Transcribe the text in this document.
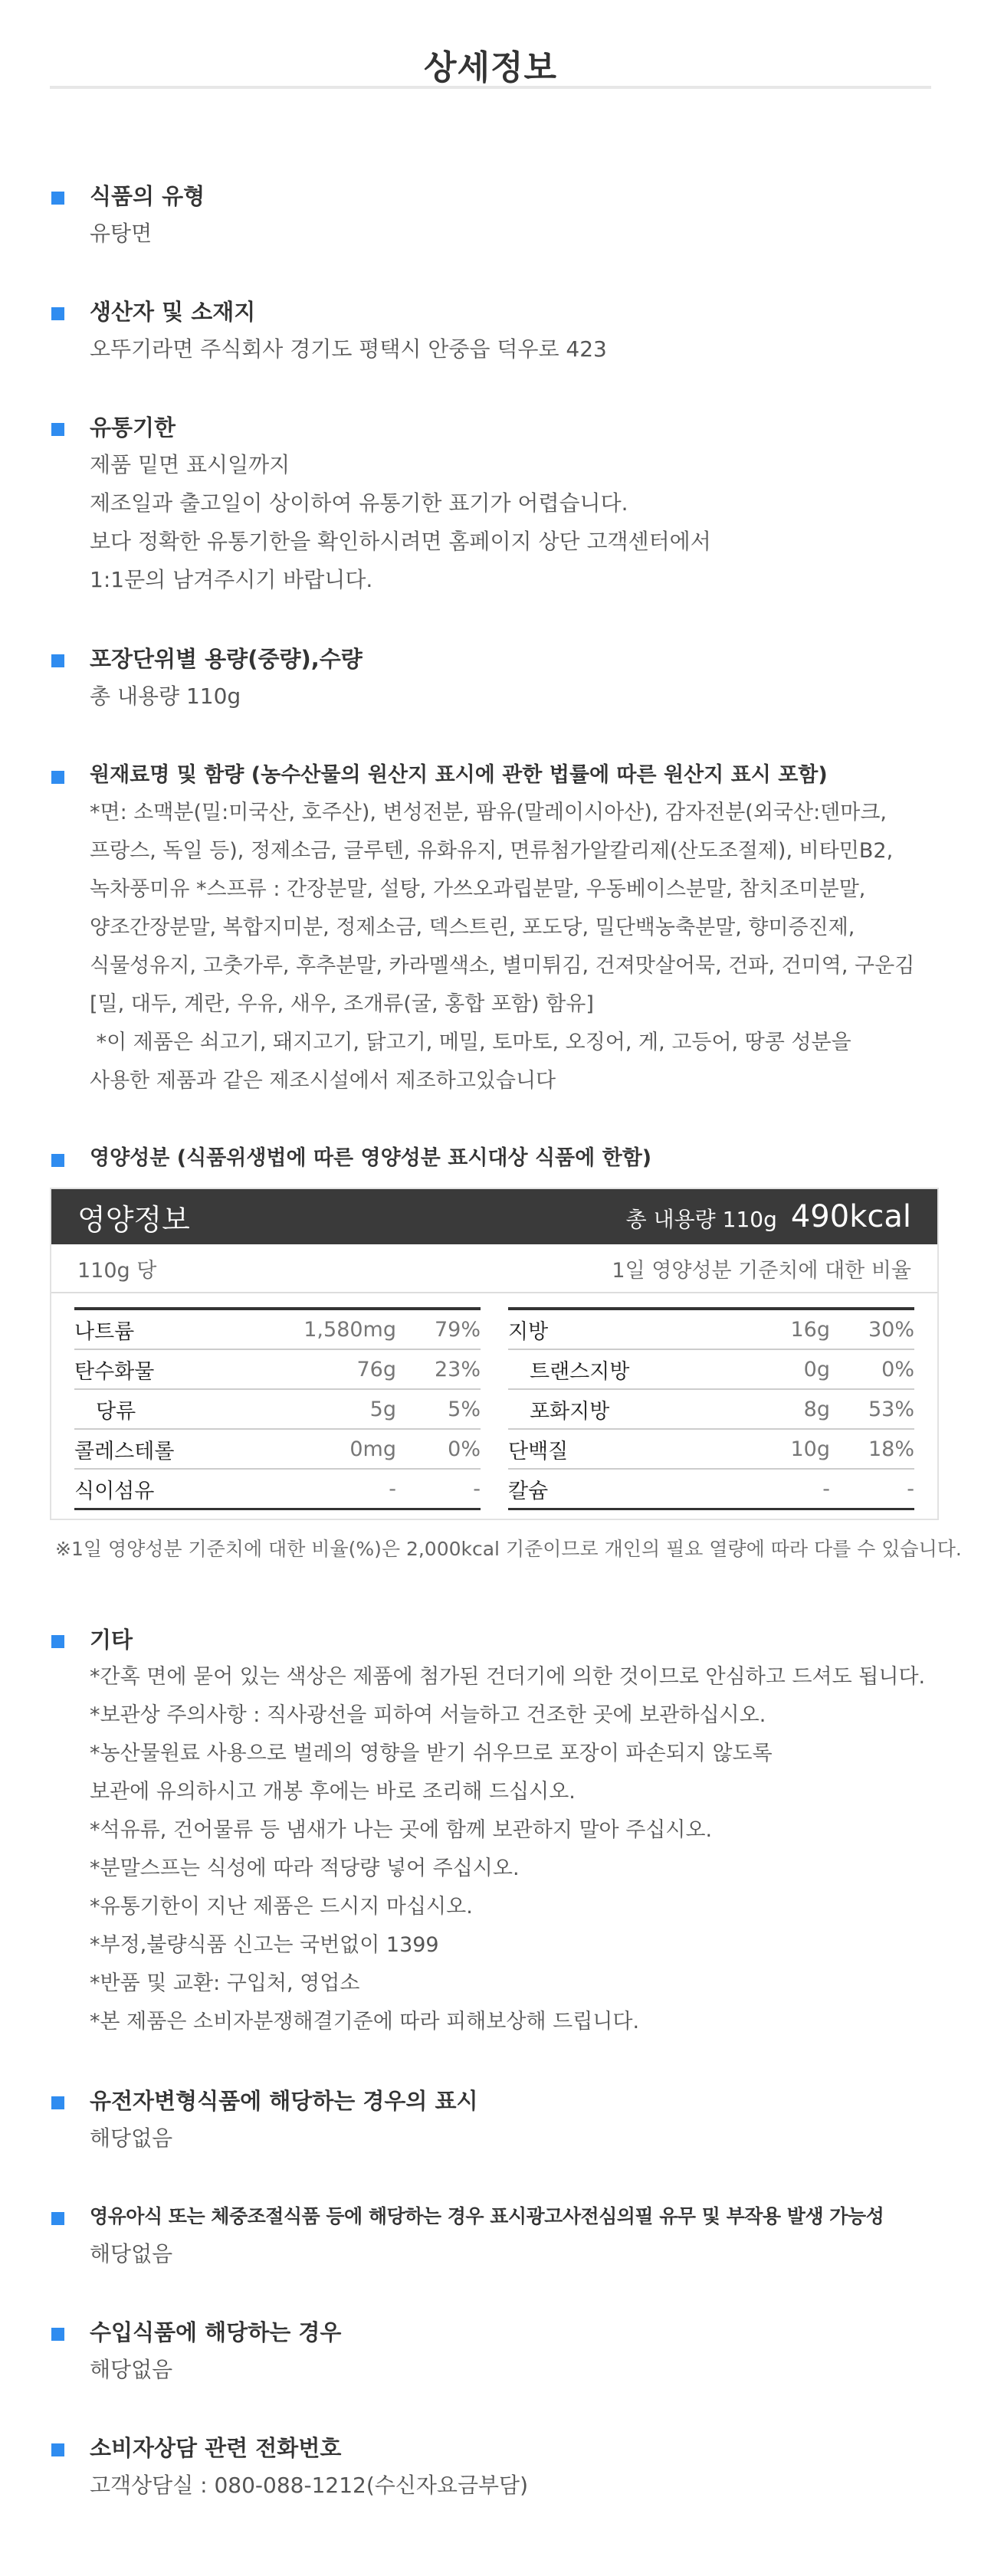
상세정보
식품의 유형
유탕면
생산자 및 소재지
오뚜기라면 주식회사 경기도 평택시 안중읍 덕우로 423
유통기한
제품 밑면 표시일까지
제조일과 출고일이 상이하여 유통기한 표기가 어렵습니다.
보다 정확한 유통기한을 확인하시려면 홈페이지 상단 고객센터에서
1:1문의 남겨주시기 바랍니다.
포장단위별 용량(중량),수량
총 내용량 110g
원재료명 및 함량 (농수산물의 원산지 표시에 관한 법률에 따른 원산지 표시 포함)
*면: 소맥분(밀:미국산, 호주산), 변성전분, 팜유(말레이시아산), 감자전분(외국산:덴마크,
프랑스, 독일 등), 정제소금, 글루텐, 유화유지, 면류첨가알칼리제(산도조절제), 비타민B2,
녹차풍미유 *스프류 : 간장분말, 설탕, 가쓰오과립분말, 우동베이스분말, 참치조미분말,
양조간장분말, 복합지미분, 정제소금, 덱스트린, 포도당, 밀단백농축분말, 향미증진제,
식물성유지, 고춧가루, 후추분말, 카라멜색소, 별미튀김, 건져맛살어묵, 건파, 건미역, 구운김
[밀, 대두, 계란, 우유, 새우, 조개류(굴, 홍합 포함) 함유]
*이 제품은 쇠고기, 돼지고기, 닭고기, 메밀, 토마토, 오징어, 게, 고등어, 땅콩 성분을
사용한 제품과 같은 제조시설에서 제조하고있습니다
영양성분 (식품위생법에 따른 영양성분 표시대상 식품에 한함)
영양정보	총 내용량 110g 490kcal
110g 당	1일 영양성분 기준치에 대한 비율
나트륨	1,580mg	79%
탄수화물	76g	23%
당류	5g	5%
콜레스테롤	0mg	0%
식이섬유	-	-
지방	16g	30%
트랜스지방	0g	0%
포화지방	8g	53%
단백질	10g	18%
칼슘	-	-
※1일 영양성분 기준치에 대한 비율(%)은 2,000kcal 기준이므로 개인의 필요 열량에 따라 다를 수 있습니다.
기타
*간혹 면에 묻어 있는 색상은 제품에 첨가된 건더기에 의한 것이므로 안심하고 드셔도 됩니다.
*보관상 주의사항 : 직사광선을 피하여 서늘하고 건조한 곳에 보관하십시오.
*농산물원료 사용으로 벌레의 영향을 받기 쉬우므로 포장이 파손되지 않도록
보관에 유의하시고 개봉 후에는 바로 조리해 드십시오.
*석유류, 건어물류 등 냄새가 나는 곳에 함께 보관하지 말아 주십시오.
*분말스프는 식성에 따라 적당량 넣어 주십시오.
*유통기한이 지난 제품은 드시지 마십시오.
*부정,불량식품 신고는 국번없이 1399
*반품 및 교환: 구입처, 영업소
*본 제품은 소비자분쟁해결기준에 따라 피해보상해 드립니다.
유전자변형식품에 해당하는 경우의 표시
해당없음
영유아식 또는 체중조절식품 등에 해당하는 경우 표시광고사전심의필 유무 및 부작용 발생 가능성
해당없음
수입식품에 해당하는 경우
해당없음
소비자상담 관련 전화번호
고객상담실 : 080-088-1212(수신자요금부담)
